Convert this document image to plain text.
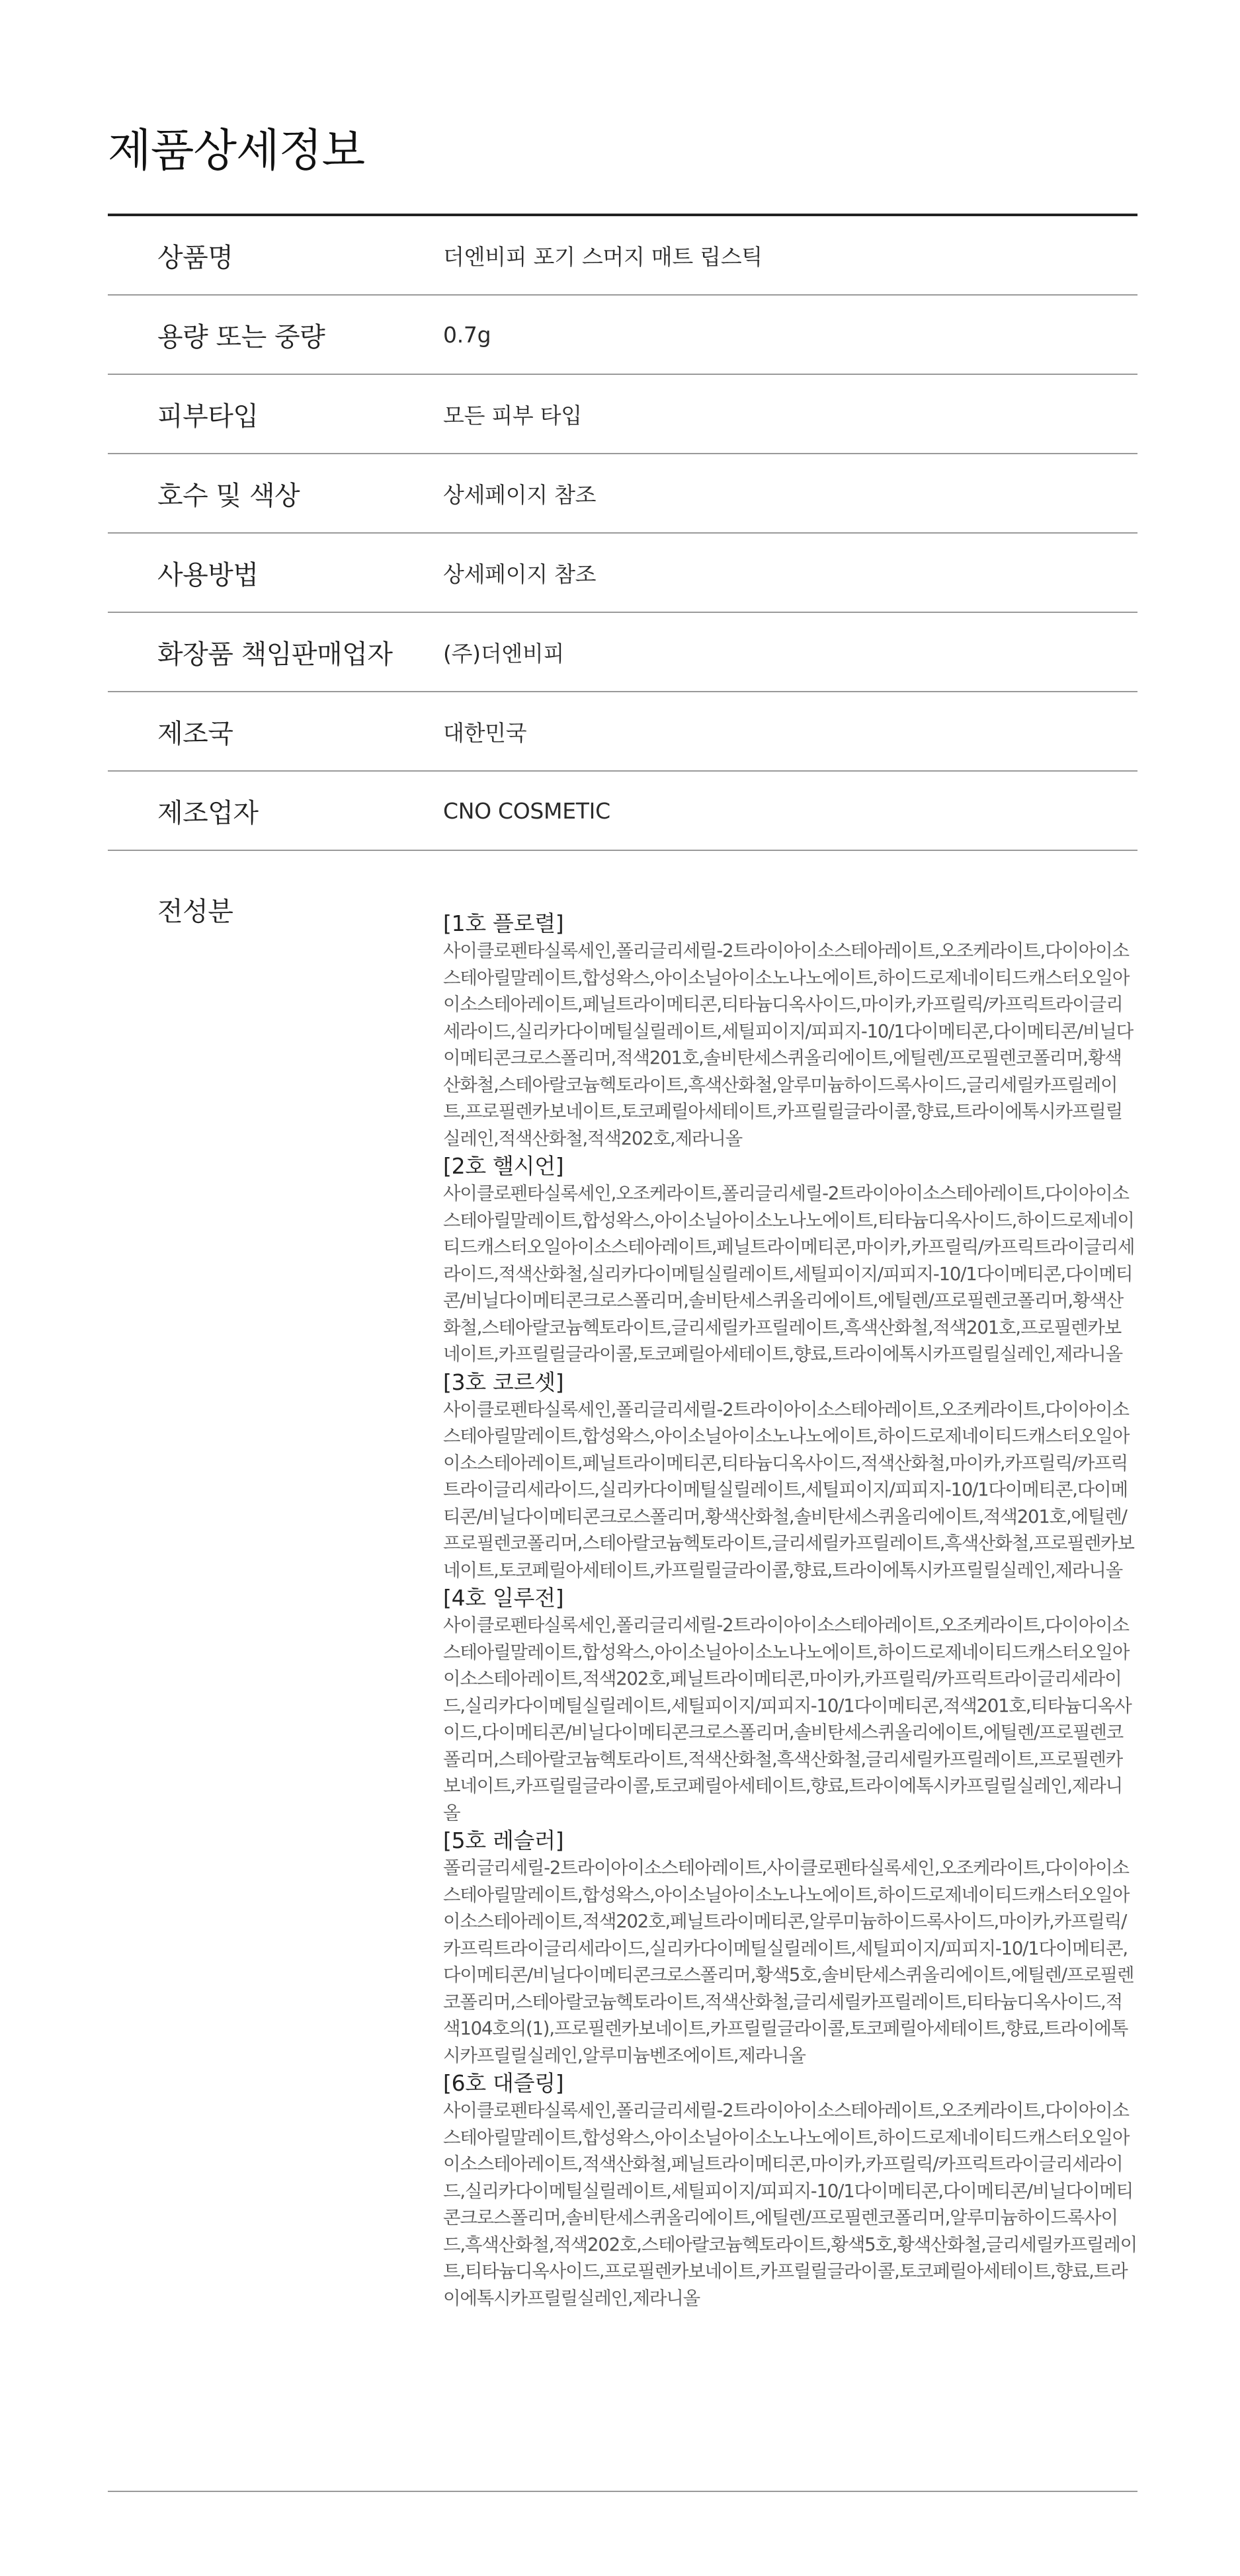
제품상세정보
상품명	더엔비피 포기 스머지 매트 립스틱
용량 또는 중량	0.7g
피부타입	모든 피부 타입
호수 및 색상	상세페이지 참조
사용방법	상세페이지 참조
화장품 책임판매업자	(주)더엔비피
제조국	대한민국
제조업자	CNO COSMETIC
전성분	[1호 플로렬]
사이클로펜타실록세인,폴리글리세릴-2트라이아이소스테아레이트,오조케라이트,다이아이소스테아릴말레이트,합성왁스,아이소닐아이소노나노에이트,하이드로제네이티드캐스터오일아이소스테아레이트,페닐트라이메티콘,티타늄디옥사이드,마이카,카프릴릭/카프릭트라이글리세라이드,실리카다이메틸실릴레이트,세틸피이지/피피지-10/1다이메티콘,다이메티콘/비닐다이메티콘크로스폴리머,적색201호,솔비탄세스퀴올리에이트,에틸렌/프로필렌코폴리머,황색산화철,스테아랄코늄헥토라이트,흑색산화철,알루미늄하이드록사이드,글리세릴카프릴레이트,프로필렌카보네이트,토코페릴아세테이트,카프릴릴글라이콜,향료,트라이에톡시카프릴릴실레인,적색산화철,적색202호,제라니올
[2호 핼시언]
사이클로펜타실록세인,오조케라이트,폴리글리세릴-2트라이아이소스테아레이트,다이아이소스테아릴말레이트,합성왁스,아이소닐아이소노나노에이트,티타늄디옥사이드,하이드로제네이티드캐스터오일아이소스테아레이트,페닐트라이메티콘,마이카,카프릴릭/카프릭트라이글리세라이드,적색산화철,실리카다이메틸실릴레이트,세틸피이지/피피지-10/1다이메티콘,다이메티콘/비닐다이메티콘크로스폴리머,솔비탄세스퀴올리에이트,에틸렌/프로필렌코폴리머,황색산화철,스테아랄코늄헥토라이트,글리세릴카프릴레이트,흑색산화철,적색201호,프로필렌카보네이트,카프릴릴글라이콜,토코페릴아세테이트,향료,트라이에톡시카프릴릴실레인,제라니올
[3호 코르셋]
사이클로펜타실록세인,폴리글리세릴-2트라이아이소스테아레이트,오조케라이트,다이아이소스테아릴말레이트,합성왁스,아이소닐아이소노나노에이트,하이드로제네이티드캐스터오일아이소스테아레이트,페닐트라이메티콘,티타늄디옥사이드,적색산화철,마이카,카프릴릭/카프릭트라이글리세라이드,실리카다이메틸실릴레이트,세틸피이지/피피지-10/1다이메티콘,다이메티콘/비닐다이메티콘크로스폴리머,황색산화철,솔비탄세스퀴올리에이트,적색201호,에틸렌/프로필렌코폴리머,스테아랄코늄헥토라이트,글리세릴카프릴레이트,흑색산화철,프로필렌카보네이트,토코페릴아세테이트,카프릴릴글라이콜,향료,트라이에톡시카프릴릴실레인,제라니올
[4호 일루전]
사이클로펜타실록세인,폴리글리세릴-2트라이아이소스테아레이트,오조케라이트,다이아이소스테아릴말레이트,합성왁스,아이소닐아이소노나노에이트,하이드로제네이티드캐스터오일아이소스테아레이트,적색202호,페닐트라이메티콘,마이카,카프릴릭/카프릭트라이글리세라이드,실리카다이메틸실릴레이트,세틸피이지/피피지-10/1다이메티콘,적색201호,티타늄디옥사이드,다이메티콘/비닐다이메티콘크로스폴리머,솔비탄세스퀴올리에이트,에틸렌/프로필렌코폴리머,스테아랄코늄헥토라이트,적색산화철,흑색산화철,글리세릴카프릴레이트,프로필렌카보네이트,카프릴릴글라이콜,토코페릴아세테이트,향료,트라이에톡시카프릴릴실레인,제라니올
[5호 레슬러]
폴리글리세릴-2트라이아이소스테아레이트,사이클로펜타실록세인,오조케라이트,다이아이소스테아릴말레이트,합성왁스,아이소닐아이소노나노에이트,하이드로제네이티드캐스터오일아이소스테아레이트,적색202호,페닐트라이메티콘,알루미늄하이드록사이드,마이카,카프릴릭/카프릭트라이글리세라이드,실리카다이메틸실릴레이트,세틸피이지/피피지-10/1다이메티콘,다이메티콘/비닐다이메티콘크로스폴리머,황색5호,솔비탄세스퀴올리에이트,에틸렌/프로필렌코폴리머,스테아랄코늄헥토라이트,적색산화철,글리세릴카프릴레이트,티타늄디옥사이드,적색104호의(1),프로필렌카보네이트,카프릴릴글라이콜,토코페릴아세테이트,향료,트라이에톡시카프릴릴실레인,알루미늄벤조에이트,제라니올
[6호 대즐링]
사이클로펜타실록세인,폴리글리세릴-2트라이아이소스테아레이트,오조케라이트,다이아이소스테아릴말레이트,합성왁스,아이소닐아이소노나노에이트,하이드로제네이티드캐스터오일아이소스테아레이트,적색산화철,페닐트라이메티콘,마이카,카프릴릭/카프릭트라이글리세라이드,실리카다이메틸실릴레이트,세틸피이지/피피지-10/1다이메티콘,다이메티콘/비닐다이메티콘크로스폴리머,솔비탄세스퀴올리에이트,에틸렌/프로필렌코폴리머,알루미늄하이드록사이드,흑색산화철,적색202호,스테아랄코늄헥토라이트,황색5호,황색산화철,글리세릴카프릴레이트,티타늄디옥사이드,프로필렌카보네이트,카프릴릴글라이콜,토코페릴아세테이트,향료,트라이에톡시카프릴릴실레인,제라니올
